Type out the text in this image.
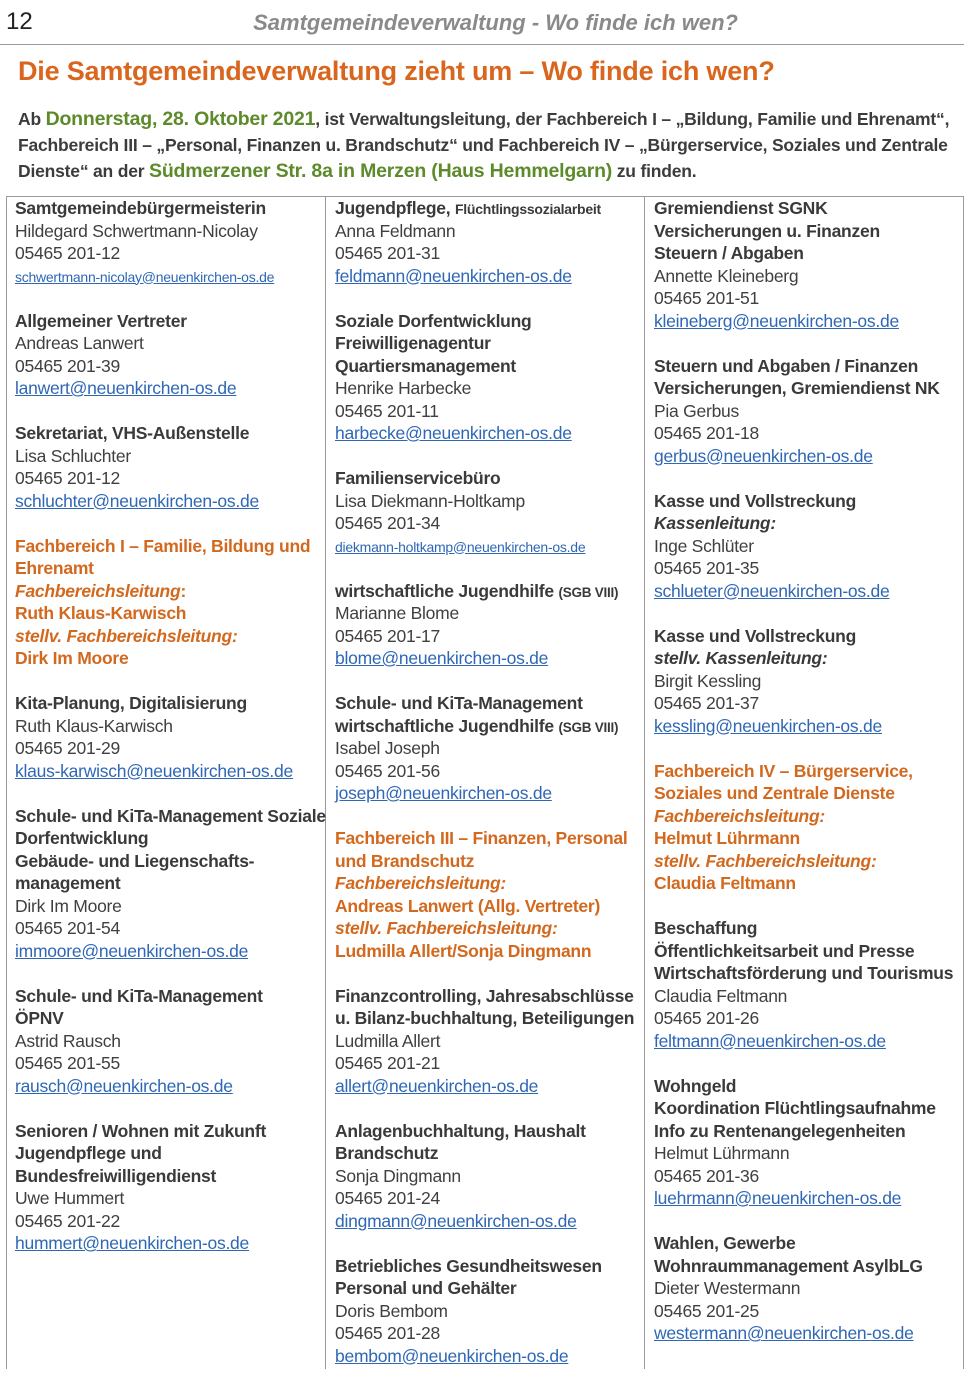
12	Samtgemeindeverwaltung - Wo finde ich wen?
Die Samtgemeindeverwaltung zieht um – Wo finde ich wen?
Ab Donnerstag, 28. Oktober 2021, ist Verwaltungsleitung, der Fachbereich I – „Bildung, Familie und Ehrenamt“,
Fachbereich III – „Personal, Finanzen u. Brandschutz“ und Fachbereich IV – „Bürgerservice, Soziales und Zentrale
Dienste“ an der Südmerzener Str. 8a in Merzen (Haus Hemmelgarn) zu finden.
Samtgemeindebürgermeisterin
Hildegard Schwertmann-Nicolay
05465 201-12
schwertmann-nicolay@neuenkirchen-os.de
Allgemeiner Vertreter
Andreas Lanwert
05465 201-39
lanwert@neuenkirchen-os.de
Sekretariat, VHS-Außenstelle
Lisa Schluchter
05465 201-12
schluchter@neuenkirchen-os.de
Fachbereich I – Familie, Bildung und
Ehrenamt
Fachbereichsleitung:
Ruth Klaus-Karwisch
stellv. Fachbereichsleitung:
Dirk Im Moore
Kita-Planung, Digitalisierung
Ruth Klaus-Karwisch
05465 201-29
klaus-karwisch@neuenkirchen-os.de
Schule- und KiTa-Management Soziale
Dorfentwicklung
Gebäude- und Liegenschafts-
management
Dirk Im Moore
05465 201-54
immoore@neuenkirchen-os.de
Schule- und KiTa-Management
ÖPNV
Astrid Rausch
05465 201-55
rausch@neuenkirchen-os.de
Senioren / Wohnen mit Zukunft
Jugendpflege und
Bundesfreiwilligendienst
Uwe Hummert
05465 201-22
hummert@neuenkirchen-os.de
Jugendpflege, Flüchtlingssozialarbeit
Anna Feldmann
05465 201-31
feldmann@neuenkirchen-os.de
Soziale Dorfentwicklung
Freiwilligenagentur
Quartiersmanagement
Henrike Harbecke
05465 201-11
harbecke@neuenkirchen-os.de
Familienservicebüro
Lisa Diekmann-Holtkamp
05465 201-34
diekmann-holtkamp@neuenkirchen-os.de
wirtschaftliche Jugendhilfe (SGB VIII)
Marianne Blome
05465 201-17
blome@neuenkirchen-os.de
Schule- und KiTa-Management
wirtschaftliche Jugendhilfe (SGB VIII)
Isabel Joseph
05465 201-56
joseph@neuenkirchen-os.de
Fachbereich III – Finanzen, Personal
und Brandschutz
Fachbereichsleitung:
Andreas Lanwert (Allg. Vertreter)
stellv. Fachbereichsleitung:
Ludmilla Allert/Sonja Dingmann
Finanzcontrolling, Jahresabschlüsse
u. Bilanz-buchhaltung, Beteiligungen
Ludmilla Allert
05465 201-21
allert@neuenkirchen-os.de
Anlagenbuchhaltung, Haushalt
Brandschutz
Sonja Dingmann
05465 201-24
dingmann@neuenkirchen-os.de
Betriebliches Gesundheitswesen
Personal und Gehälter
Doris Bembom
05465 201-28
bembom@neuenkirchen-os.de
Gremiendienst SGNK
Versicherungen u. Finanzen
Steuern / Abgaben
Annette Kleineberg
05465 201-51
kleineberg@neuenkirchen-os.de
Steuern und Abgaben / Finanzen
Versicherungen, Gremiendienst NK
Pia Gerbus
05465 201-18
gerbus@neuenkirchen-os.de
Kasse und Vollstreckung
Kassenleitung:
Inge Schlüter
05465 201-35
schlueter@neuenkirchen-os.de
Kasse und Vollstreckung
stellv. Kassenleitung:
Birgit Kessling
05465 201-37
kessling@neuenkirchen-os.de
Fachbereich IV – Bürgerservice,
Soziales und Zentrale Dienste
Fachbereichsleitung:
Helmut Lührmann
stellv. Fachbereichsleitung:
Claudia Feltmann
Beschaffung
Öffentlichkeitsarbeit und Presse
Wirtschaftsförderung und Tourismus
Claudia Feltmann
05465 201-26
feltmann@neuenkirchen-os.de
Wohngeld
Koordination Flüchtlingsaufnahme
Info zu Rentenangelegenheiten
Helmut Lührmann
05465 201-36
luehrmann@neuenkirchen-os.de
Wahlen, Gewerbe
Wohnraummanagement AsylbLG
Dieter Westermann
05465 201-25
westermann@neuenkirchen-os.de
